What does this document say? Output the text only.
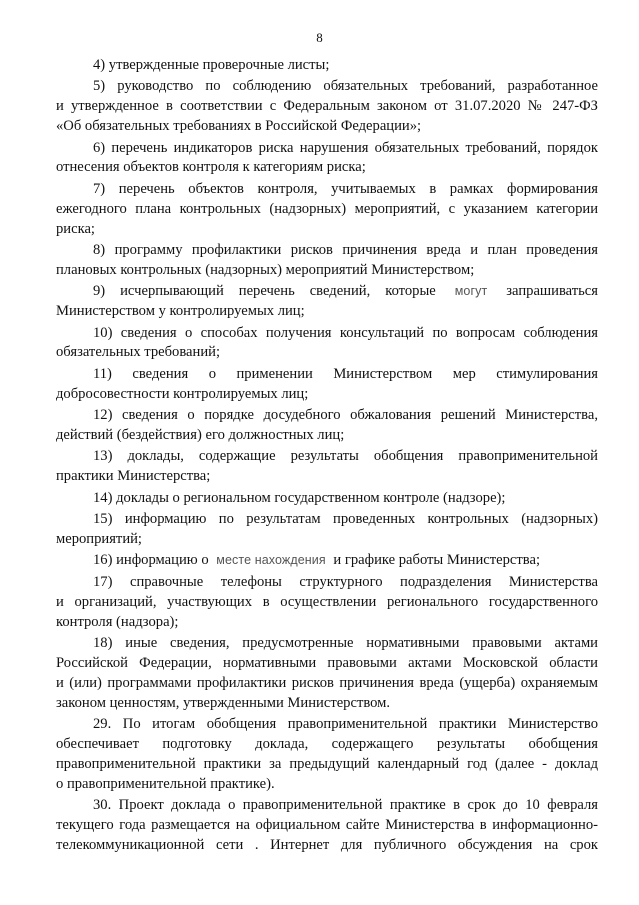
8
4) утвержденные проверочные листы;
5) руководство по соблюдению обязательных требований, разработанное
и утвержденное в соответствии с Федеральным законом от 31.07.2020 № 247-ФЗ
«Об обязательных требованиях в Российской Федерации»;
6) перечень индикаторов риска нарушения обязательных требований, порядок
отнесения объектов контроля к категориям риска;
7) перечень объектов контроля, учитываемых в рамках формирования
ежегодного плана контрольных (надзорных) мероприятий, с указанием категории
риска;
8) программу профилактики рисков причинения вреда и план проведения
плановых контрольных (надзорных) мероприятий Министерством;
9) исчерпывающий перечень сведений, которые могут запрашиваться
Министерством у контролируемых лиц;
10) сведения о способах получения консультаций по вопросам соблюдения
обязательных требований;
11) сведения о применении Министерством мер стимулирования
добросовестности контролируемых лиц;
12) сведения о порядке досудебного обжалования решений Министерства,
действий (бездействия) его должностных лиц;
13) доклады, содержащие результаты обобщения правоприменительной
практики Министерства;
14) доклады о региональном государственном контроле (надзоре);
15) информацию по результатам проведенных контрольных (надзорных)
мероприятий;
16) информацию о месте нахождения и графике работы Министерства;
17) справочные телефоны структурного подразделения Министерства
и организаций, участвующих в осуществлении регионального государственного
контроля (надзора);
18) иные сведения, предусмотренные нормативными правовыми актами
Российской Федерации, нормативными правовыми актами Московской области
и (или) программами профилактики рисков причинения вреда (ущерба) охраняемым
законом ценностям, утвержденными Министерством.
29. По итогам обобщения правоприменительной практики Министерство
обеспечивает подготовку доклада, содержащего результаты обобщения
правоприменительной практики за предыдущий календарный год (далее - доклад
о правоприменительной практике).
30. Проект доклада о правоприменительной практике в срок до 10 февраля
текущего года размещается на официальном сайте Министерства в информационно-
телекоммуникационной сети . Интернет для публичного обсуждения на срок
